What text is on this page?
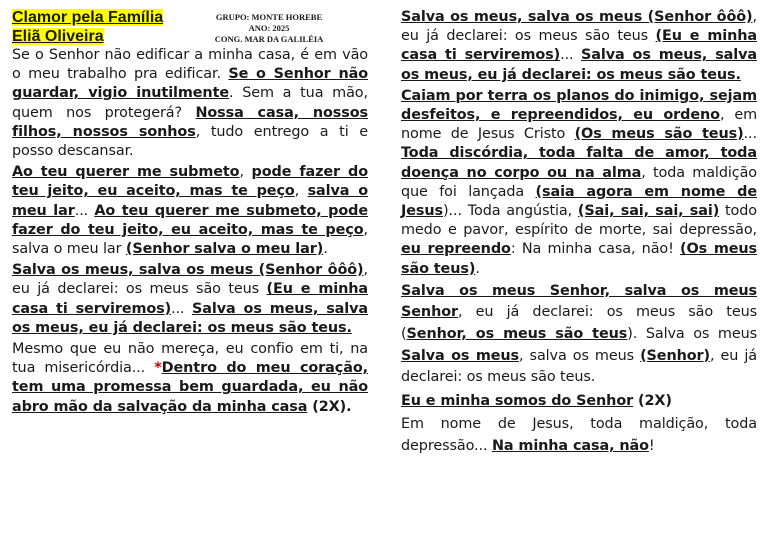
Clamor pela Família
Eliã Oliveira
GRUPO: MONTE HOREBE
ANO: 2025
CONG. MAR DA GALILÉIA

Se o Senhor não edificar a minha casa, é em vão o meu trabalho pra edificar. Se o Senhor não guardar, vigio inutilmente. Sem a tua mão, quem nos protegerá? Nossa casa, nossos filhos, nossos sonhos, tudo entrego a ti e posso descansar.

Ao teu querer me submeto, pode fazer do teu jeito, eu aceito, mas te peço, salva o meu lar... Ao teu querer me submeto, pode fazer do teu jeito, eu aceito, mas te peço, salva o meu lar (Senhor salva o meu lar).

Salva os meus, salva os meus (Senhor ôôô), eu já declarei: os meus são teus (Eu e minha casa ti serviremos)... Salva os meus, salva os meus, eu já declarei: os meus são teus.

Mesmo que eu não mereça, eu confio em ti, na tua misericórdia... *Dentro do meu coração, tem uma promessa bem guardada, eu não abro mão da salvação da minha casa (2X).

Salva os meus, salva os meus (Senhor ôôô), eu já declarei: os meus são teus (Eu e minha casa ti serviremos)... Salva os meus, salva os meus, eu já declarei: os meus são teus.

Caiam por terra os planos do inimigo, sejam desfeitos, e repreendidos, eu ordeno, em nome de Jesus Cristo (Os meus são teus)... Toda discórdia, toda falta de amor, toda doença no corpo ou na alma, toda maldição que foi lançada (saia agora em nome de Jesus)... Toda angústia, (Sai, sai, sai, sai) todo medo e pavor, espírito de morte, sai depressão, eu repreendo: Na minha casa, não! (Os meus são teus).

Salva os meus Senhor, salva os meus Senhor, eu já declarei: os meus são teus (Senhor, os meus são teus). Salva os meus Salva os meus, salva os meus (Senhor), eu já declarei: os meus são teus.

Eu e minha somos do Senhor (2X)

Em nome de Jesus, toda maldição, toda depressão... Na minha casa, não!
